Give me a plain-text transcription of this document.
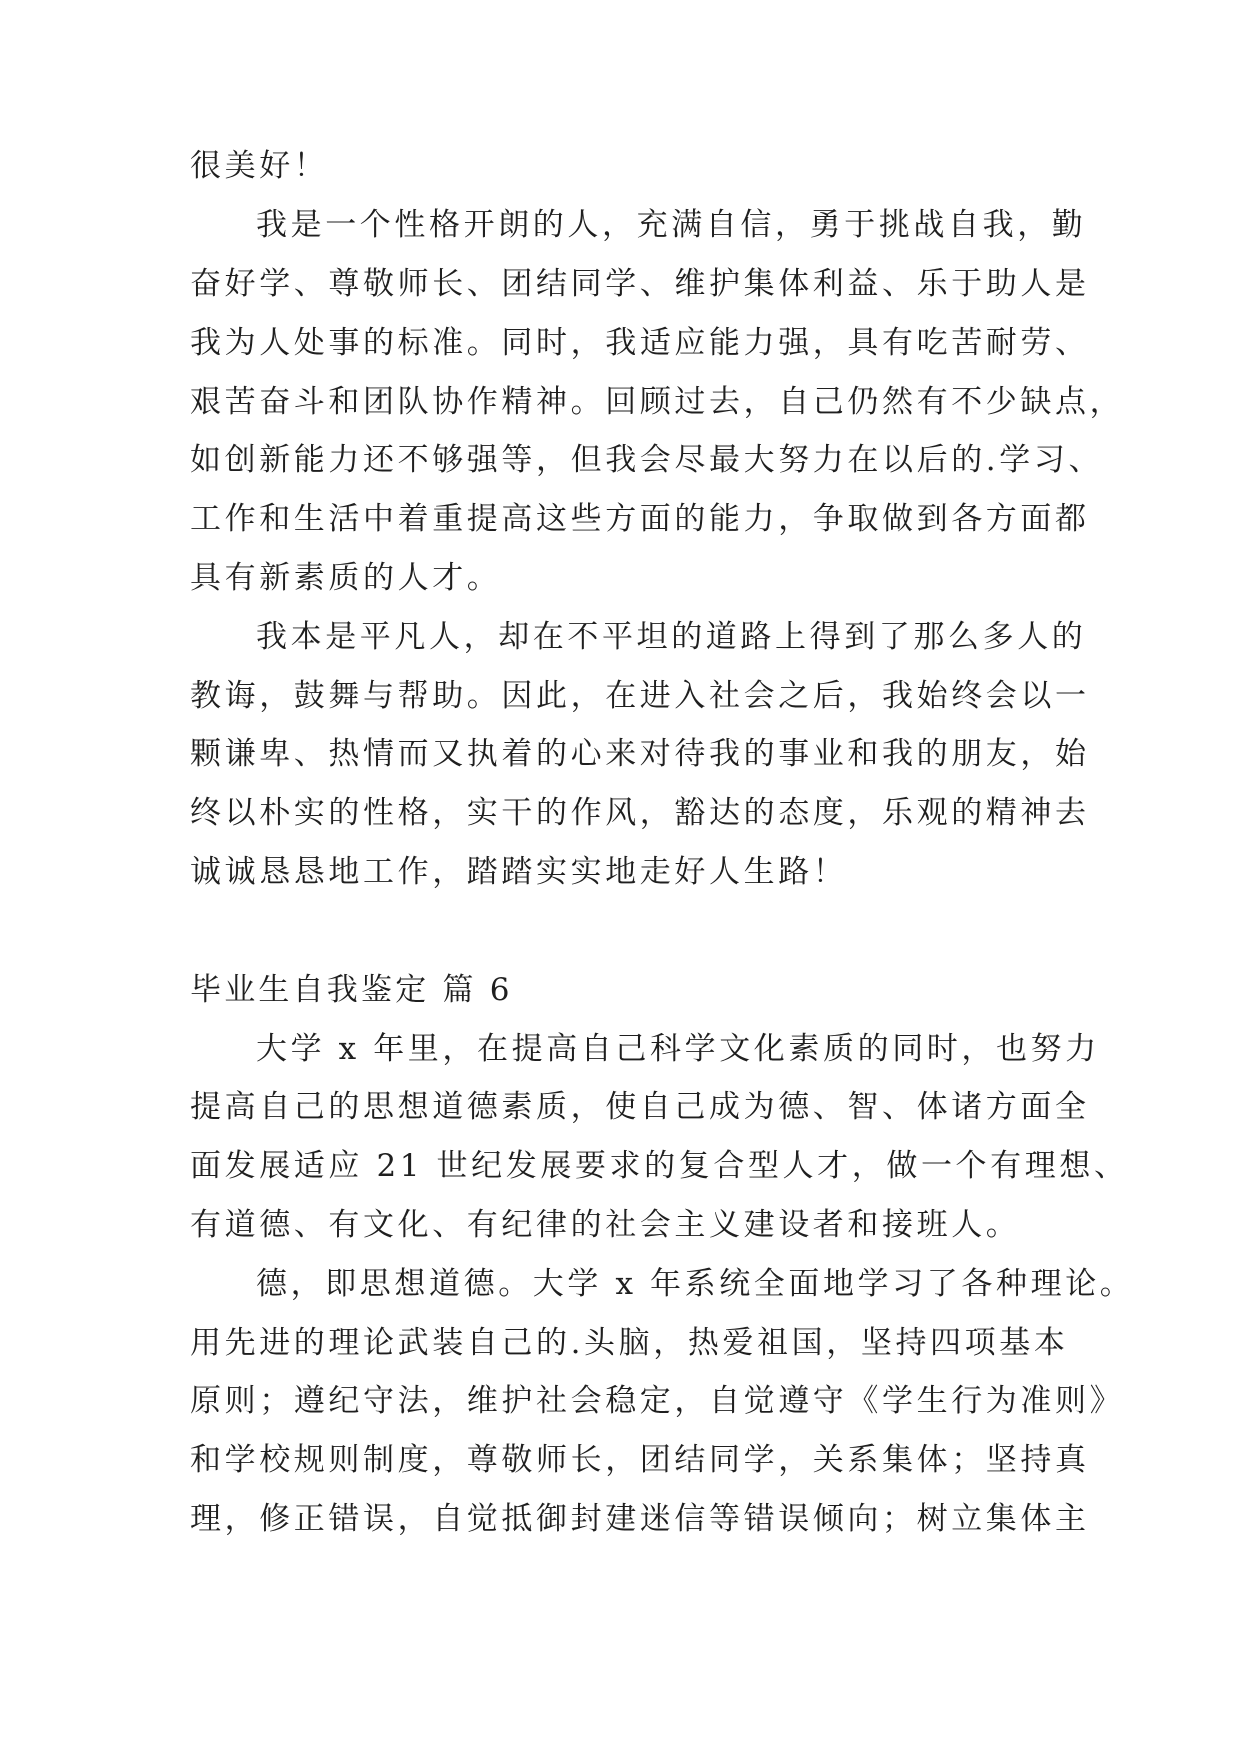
很美好！

我是一个性格开朗的人，充满自信，勇于挑战自我，勤

奋好学、尊敬师长、团结同学、维护集体利益、乐于助人是

我为人处事的标准。同时，我适应能力强，具有吃苦耐劳、

艰苦奋斗和团队协作精神。回顾过去，自己仍然有不少缺点，

如创新能力还不够强等，但我会尽最大努力在以后的.学习、

工作和生活中着重提高这些方面的能力，争取做到各方面都

具有新素质的人才。

我本是平凡人，却在不平坦的道路上得到了那么多人的

教诲，鼓舞与帮助。因此，在进入社会之后，我始终会以一

颗谦卑、热情而又执着的心来对待我的事业和我的朋友，始

终以朴实的性格，实干的作风，豁达的态度，乐观的精神去

诚诚恳恳地工作，踏踏实实地走好人生路！

毕业生自我鉴定 篇 6

大学 x 年里，在提高自己科学文化素质的同时，也努力

提高自己的思想道德素质，使自己成为德、智、体诸方面全

面发展适应 21 世纪发展要求的复合型人才，做一个有理想、

有道德、有文化、有纪律的社会主义建设者和接班人。

德，即思想道德。大学 x 年系统全面地学习了各种理论。

用先进的理论武装自己的.头脑，热爱祖国，坚持四项基本

原则；遵纪守法，维护社会稳定，自觉遵守《学生行为准则》

和学校规则制度，尊敬师长，团结同学，关系集体；坚持真

理，修正错误，自觉抵御封建迷信等错误倾向；树立集体主
